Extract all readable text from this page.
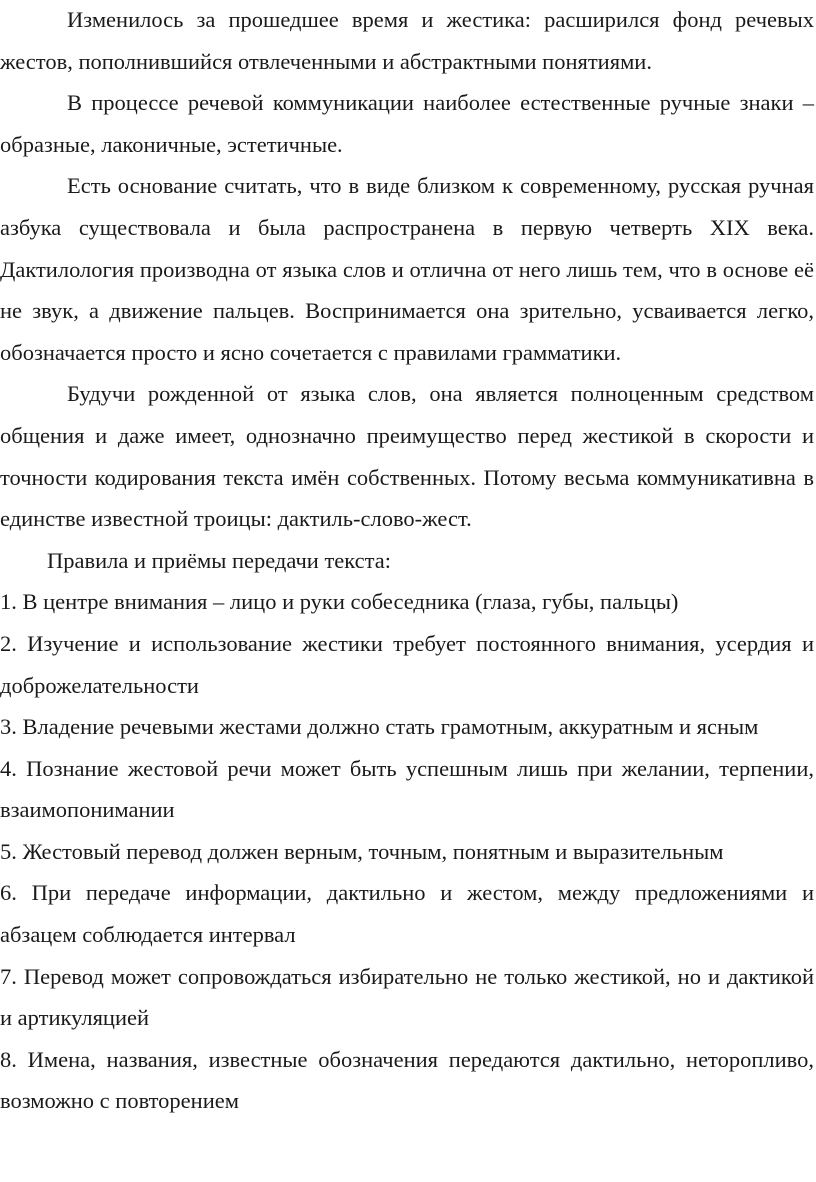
Изменилось за прошедшее время и жестика: расширился фонд речевых жестов, пополнившийся отвлеченными и абстрактными понятиями.

В процессе речевой коммуникации наиболее естественные ручные знаки – образные, лаконичные, эстетичные.

Есть основание считать, что в виде близком к современному, русская ручная азбука существовала и была распространена в первую четверть XIX века. Дактилология производна от языка слов и отлична от него лишь тем, что в основе её не звук, а движение пальцев. Воспринимается она зрительно, усваивается легко, обозначается просто и ясно сочетается с правилами грамматики.

Будучи рожденной от языка слов, она является полноценным средством общения и даже имеет, однозначно преимущество перед жестикой в скорости и точности кодирования текста имён собственных. Потому весьма коммуникативна в единстве известной троицы: дактиль-слово-жест.

Правила и приёмы передачи текста:

1. В центре внимания – лицо и руки собеседника (глаза, губы, пальцы)

2. Изучение и использование жестики требует постоянного внимания, усердия и доброжелательности

3. Владение речевыми жестами должно стать грамотным, аккуратным и ясным

4. Познание жестовой речи может быть успешным лишь при желании, терпении, взаимопонимании

5. Жестовый перевод должен верным, точным, понятным и выразительным

6. При передаче информации, дактильно и жестом, между предложениями и абзацем соблюдается интервал

7. Перевод может сопровождаться избирательно не только жестикой, но и дактикой и артикуляцией

8. Имена, названия, известные обозначения передаются дактильно, неторопливо, возможно с повторением
